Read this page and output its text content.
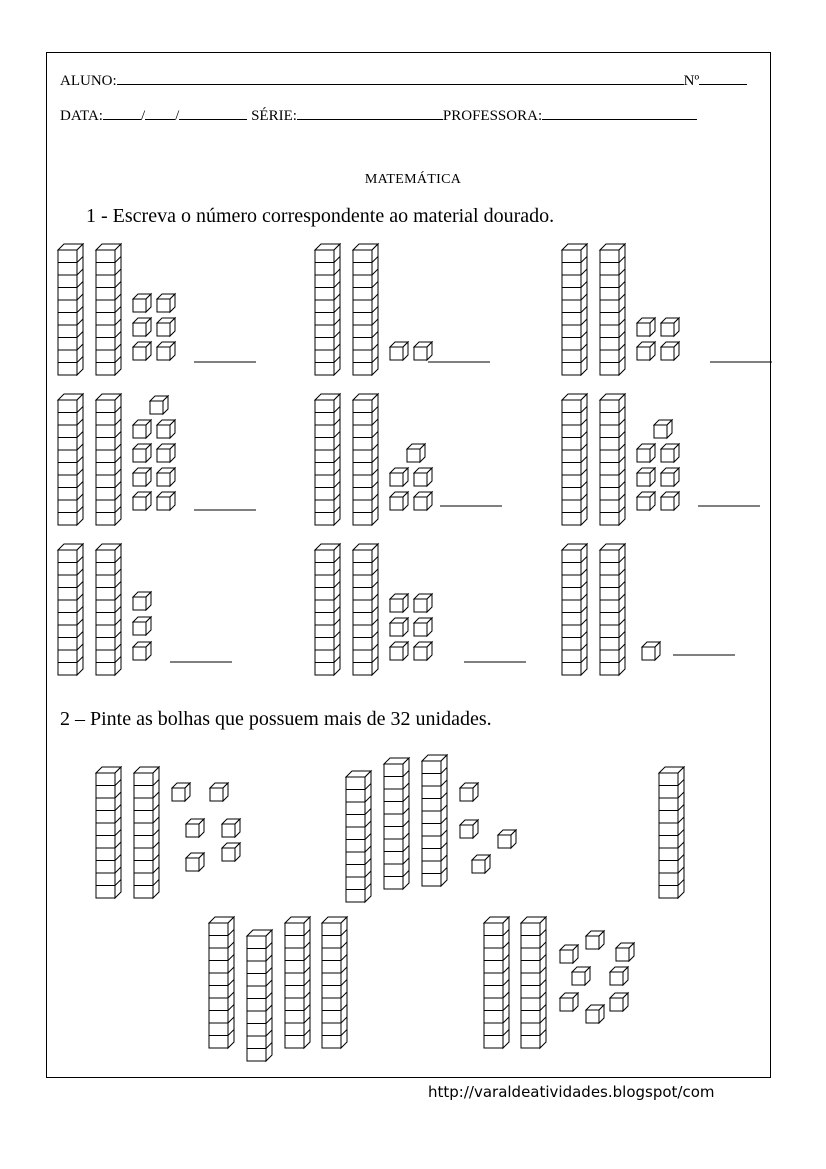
ALUNO:	Nº
DATA:	/ /	SÉRIE:	PROFESSORA:
MATEMÁTICA
1 - Escreva o número correspondente ao material dourado.
2 – Pinte as bolhas que possuem mais de 32 unidades.
http://varaldeatividades.blogspot/com
